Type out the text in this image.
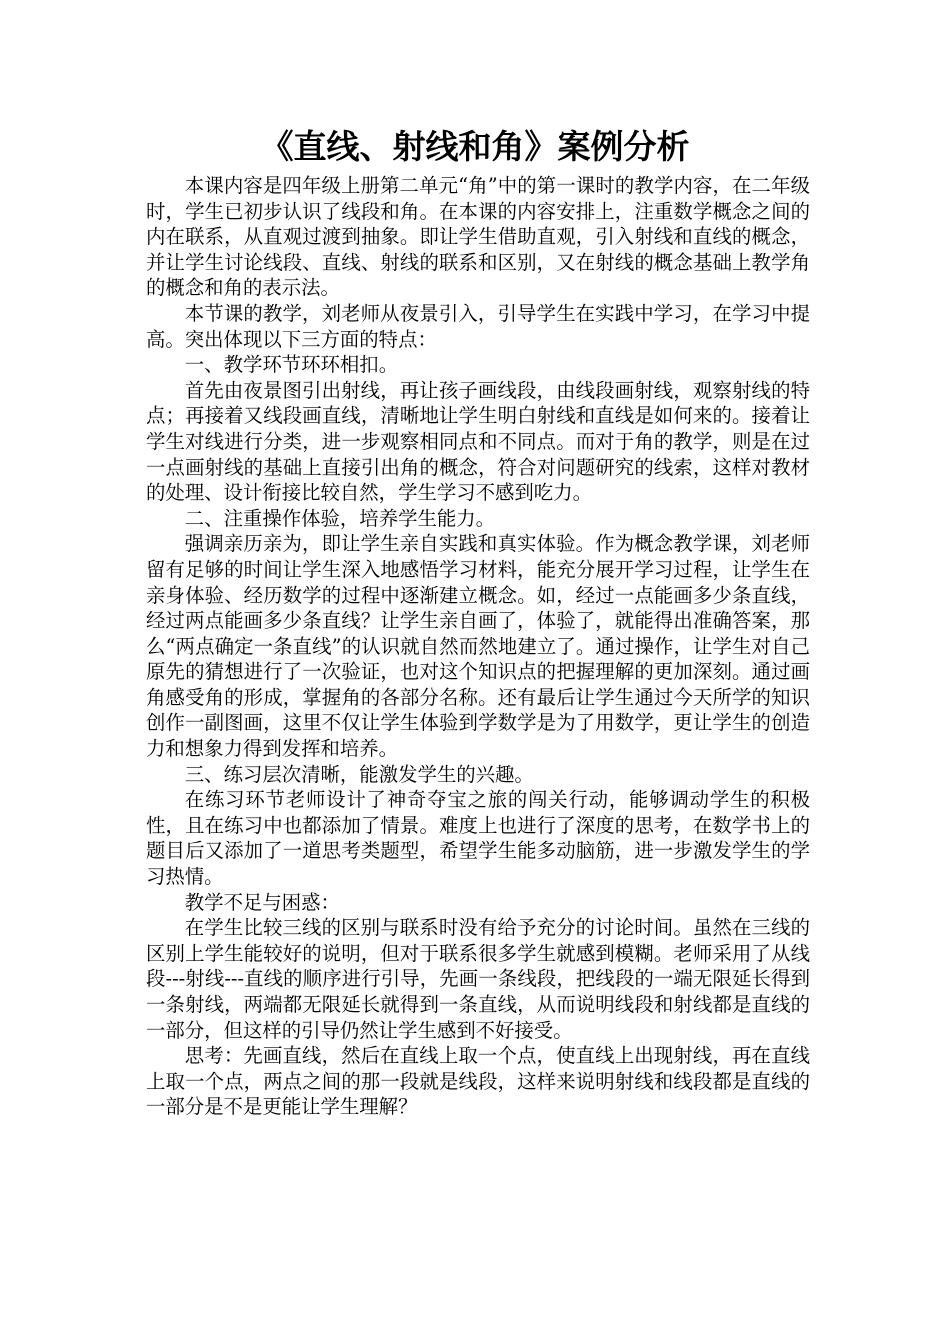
《直线、射线和角》案例分析

本课内容是四年级上册第二单元“角”中的第一课时的教学内容，在二年级时，学生已初步认识了线段和角。在本课的内容安排上，注重数学概念之间的内在联系，从直观过渡到抽象。即让学生借助直观，引入射线和直线的概念，并让学生讨论线段、直线、射线的联系和区别，又在射线的概念基础上教学角的概念和角的表示法。

本节课的教学，刘老师从夜景引入，引导学生在实践中学习，在学习中提高。突出体现以下三方面的特点：

一、教学环节环环相扣。

首先由夜景图引出射线，再让孩子画线段，由线段画射线，观察射线的特点；再接着又线段画直线，清晰地让学生明白射线和直线是如何来的。接着让学生对线进行分类，进一步观察相同点和不同点。而对于角的教学，则是在过一点画射线的基础上直接引出角的概念，符合对问题研究的线索，这样对教材的处理、设计衔接比较自然，学生学习不感到吃力。

二、注重操作体验，培养学生能力。

强调亲历亲为，即让学生亲自实践和真实体验。作为概念教学课，刘老师留有足够的时间让学生深入地感悟学习材料，能充分展开学习过程，让学生在亲身体验、经历数学的过程中逐渐建立概念。如，经过一点能画多少条直线，经过两点能画多少条直线？让学生亲自画了，体验了，就能得出准确答案，那么“两点确定一条直线”的认识就自然而然地建立了。通过操作，让学生对自己原先的猜想进行了一次验证，也对这个知识点的把握理解的更加深刻。通过画角感受角的形成，掌握角的各部分名称。还有最后让学生通过今天所学的知识创作一副图画，这里不仅让学生体验到学数学是为了用数学，更让学生的创造力和想象力得到发挥和培养。

三、练习层次清晰，能激发学生的兴趣。

在练习环节老师设计了神奇夺宝之旅的闯关行动，能够调动学生的积极性，且在练习中也都添加了情景。难度上也进行了深度的思考，在数学书上的题目后又添加了一道思考类题型，希望学生能多动脑筋，进一步激发学生的学习热情。

教学不足与困惑：

在学生比较三线的区别与联系时没有给予充分的讨论时间。虽然在三线的区别上学生能较好的说明，但对于联系很多学生就感到模糊。老师采用了从线段---射线---直线的顺序进行引导，先画一条线段，把线段的一端无限延长得到一条射线，两端都无限延长就得到一条直线，从而说明线段和射线都是直线的一部分，但这样的引导仍然让学生感到不好接受。

思考：先画直线，然后在直线上取一个点，使直线上出现射线，再在直线上取一个点，两点之间的那一段就是线段，这样来说明射线和线段都是直线的一部分是不是更能让学生理解？
